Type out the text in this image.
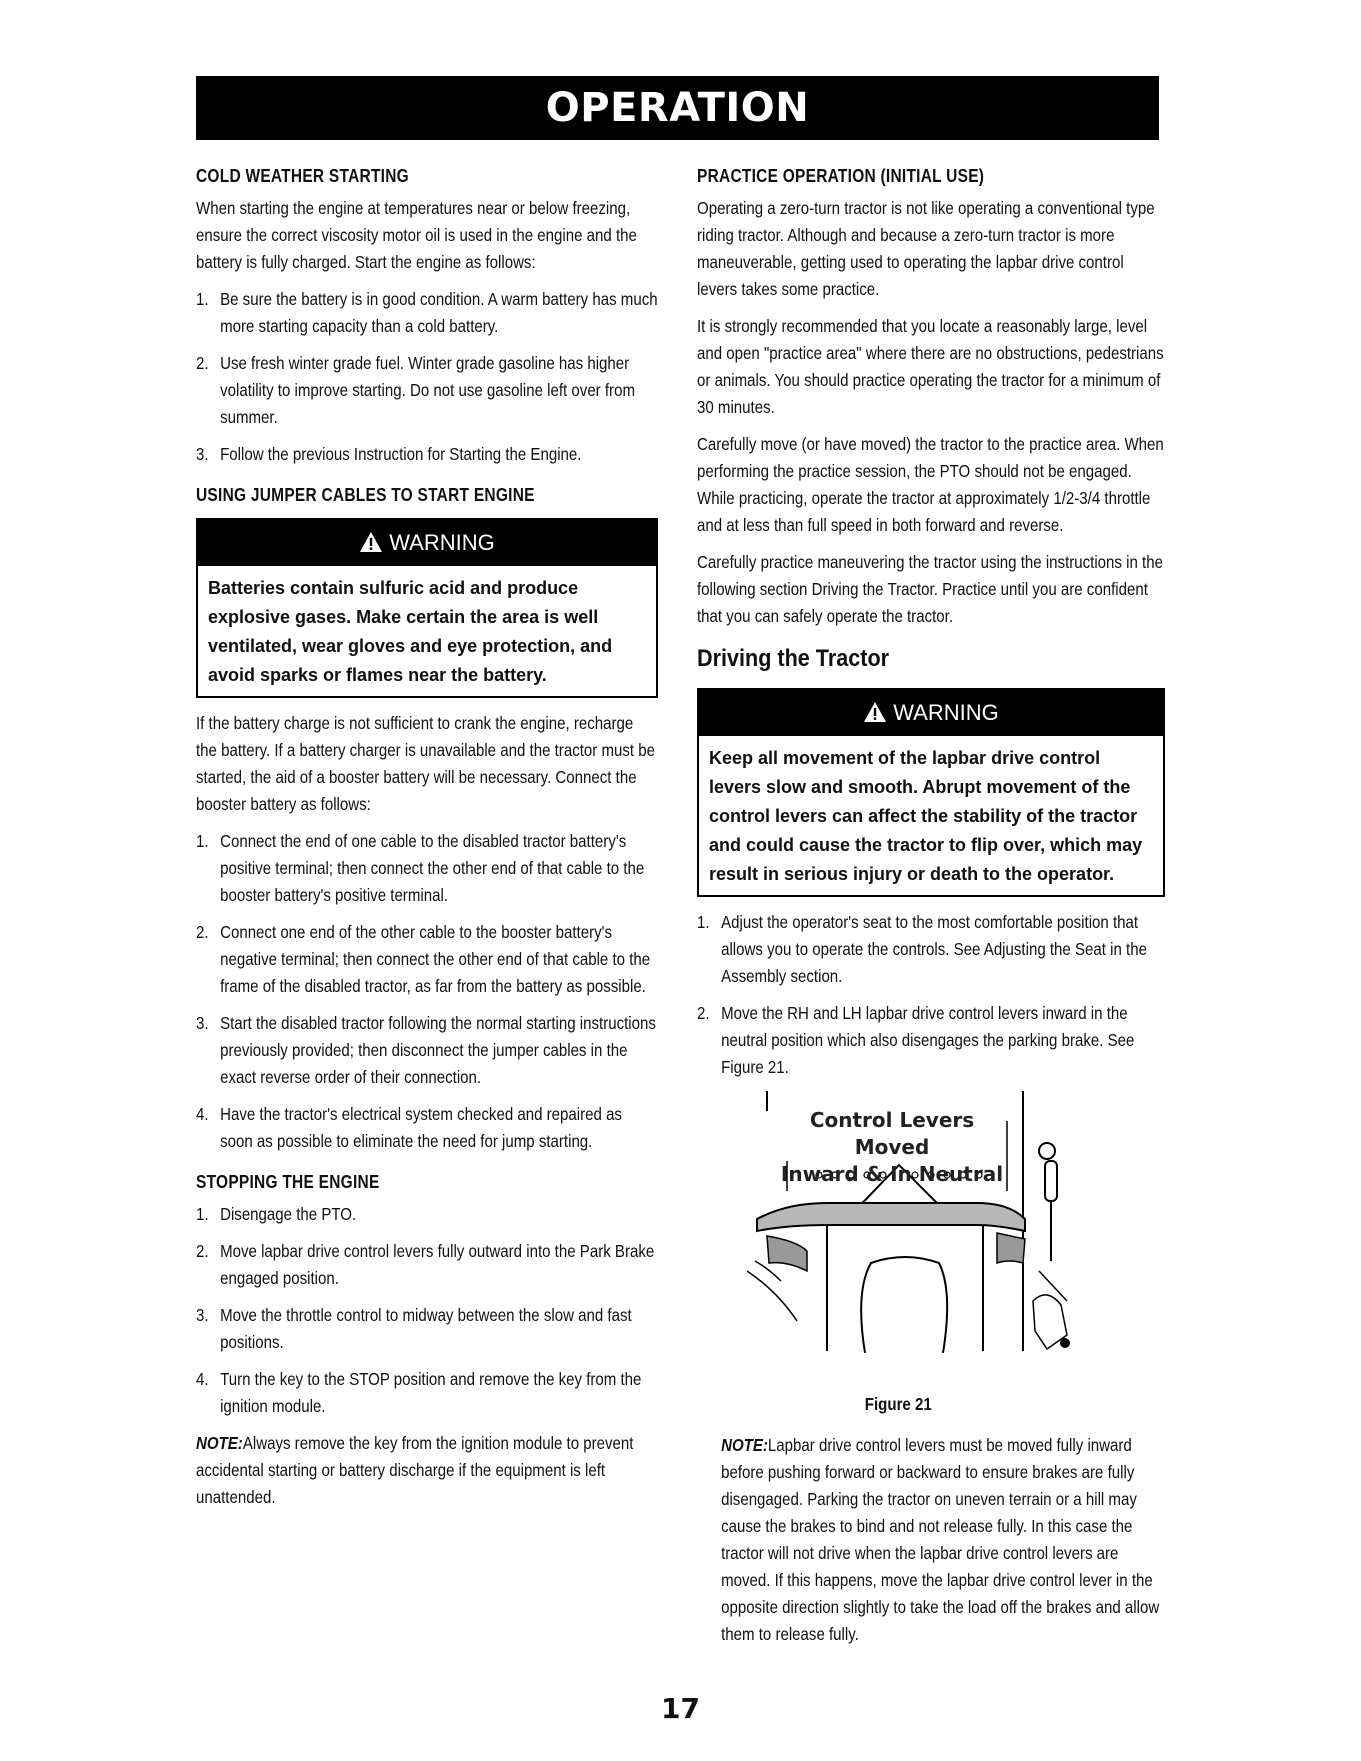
OPERATION
COLD WEATHER STARTING
When starting the engine at temperatures near or below freezing, ensure the correct viscosity motor oil is used in the engine and the battery is fully charged. Start the engine as follows:
1. Be sure the battery is in good condition. A warm battery has much more starting capacity than a cold battery.
2. Use fresh winter grade fuel. Winter grade gasoline has higher volatility to improve starting. Do not use gasoline left over from summer.
3. Follow the previous Instruction for Starting the Engine.
USING JUMPER CABLES TO START ENGINE
WARNING
Batteries contain sulfuric acid and produce explosive gases. Make certain the area is well ventilated, wear gloves and eye protection, and avoid sparks or flames near the battery.
If the battery charge is not sufficient to crank the engine, recharge the battery. If a battery charger is unavailable and the tractor must be started, the aid of a booster battery will be necessary. Connect the booster battery as follows:
1. Connect the end of one cable to the disabled tractor battery's positive terminal; then connect the other end of that cable to the booster battery's positive terminal.
2. Connect one end of the other cable to the booster battery's negative terminal; then connect the other end of that cable to the frame of the disabled tractor, as far from the battery as possible.
3. Start the disabled tractor following the normal starting instructions previously provided; then disconnect the jumper cables in the exact reverse order of their connection.
4. Have the tractor's electrical system checked and repaired as soon as possible to eliminate the need for jump starting.
STOPPING THE ENGINE
1. Disengage the PTO.
2. Move lapbar drive control levers fully outward into the Park Brake engaged position.
3. Move the throttle control to midway between the slow and fast positions.
4. Turn the key to the STOP position and remove the key from the ignition module.
NOTE:Always remove the key from the ignition module to prevent accidental starting or battery discharge if the equipment is left unattended.
PRACTICE OPERATION (INITIAL USE)
Operating a zero-turn tractor is not like operating a conventional type riding tractor. Although and because a zero-turn tractor is more maneuverable, getting used to operating the lapbar drive control levers takes some practice.
It is strongly recommended that you locate a reasonably large, level and open "practice area" where there are no obstructions, pedestrians or animals. You should practice operating the tractor for a minimum of 30 minutes.
Carefully move (or have moved) the tractor to the practice area. When performing the practice session, the PTO should not be engaged. While practicing, operate the tractor at approximately 1/2-3/4 throttle and at less than full speed in both forward and reverse.
Carefully practice maneuvering the tractor using the instructions in the following section Driving the Tractor. Practice until you are confident that you can safely operate the tractor.
Driving the Tractor
WARNING
Keep all movement of the lapbar drive control levers slow and smooth. Abrupt movement of the control levers can affect the stability of the tractor and could cause the tractor to flip over, which may result in serious injury or death to the operator.
1. Adjust the operator's seat to the most comfortable position that allows you to operate the controls. See Adjusting the Seat in the Assembly section.
2. Move the RH and LH lapbar drive control levers inward in the neutral position which also disengages the parking brake. See Figure 21.
Control Levers Moved
Inward & In Neutral
Figure 21
NOTE:Lapbar drive control levers must be moved fully inward before pushing forward or backward to ensure brakes are fully disengaged. Parking the tractor on uneven terrain or a hill may cause the brakes to bind and not release fully. In this case the tractor will not drive when the lapbar drive control levers are moved. If this happens, move the lapbar drive control lever in the opposite direction slightly to take the load off the brakes and allow them to release fully.
17
